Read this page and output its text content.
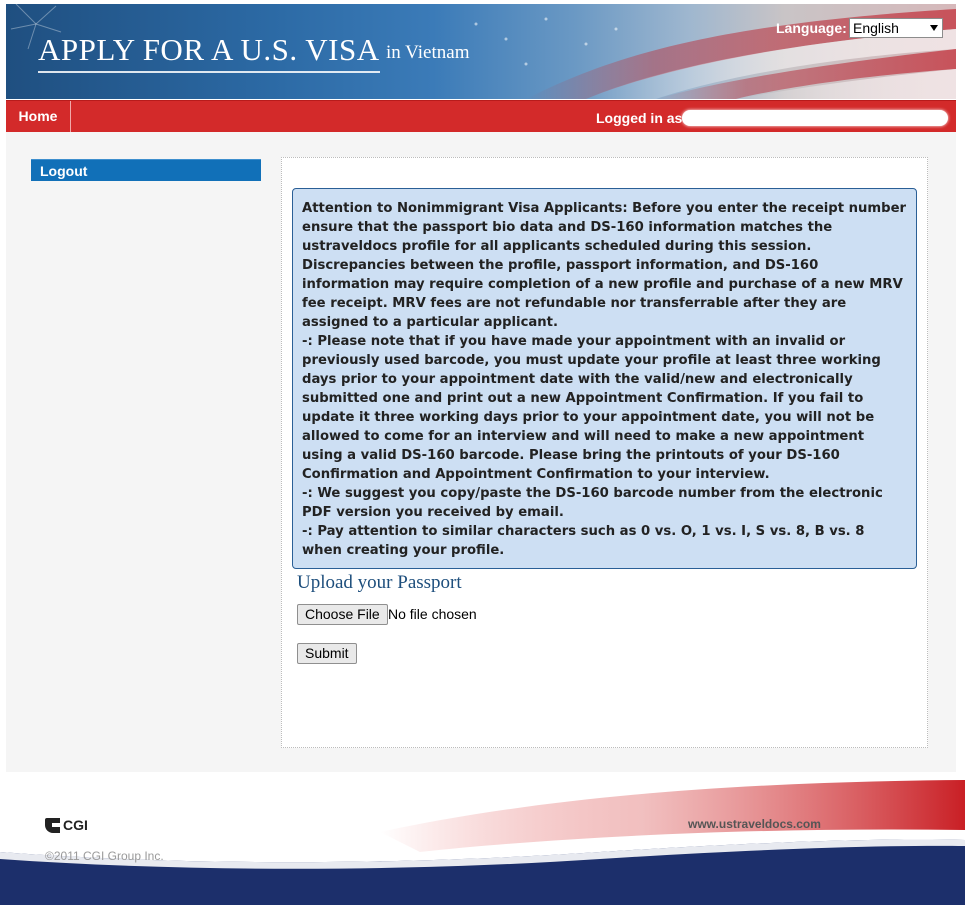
APPLY FOR A U.S. VISA in Vietnam
Language: English
Home	Logged in as
Logout

Attention to Nonimmigrant Visa Applicants: Before you enter the receipt number ensure that the passport bio data and DS-160 information matches the ustraveldocs profile for all applicants scheduled during this session. Discrepancies between the profile, passport information, and DS-160 information may require completion of a new profile and purchase of a new MRV fee receipt. MRV fees are not refundable nor transferrable after they are assigned to a particular applicant.

-: Please note that if you have made your appointment with an invalid or previously used barcode, you must update your profile at least three working days prior to your appointment date with the valid/new and electronically submitted one and print out a new Appointment Confirmation. If you fail to update it three working days prior to your appointment date, you will not be allowed to come for an interview and will need to make a new appointment using a valid DS-160 barcode. Please bring the printouts of your DS-160 Confirmation and Appointment Confirmation to your interview.

-: We suggest you copy/paste the DS-160 barcode number from the electronic PDF version you received by email.

-: Pay attention to similar characters such as 0 vs. O, 1 vs. I, S vs. 8, B vs. 8 when creating your profile.

Upload your Passport
Choose File No file chosen
Submit
CGI
©2011 CGI Group Inc.
www.ustraveldocs.com
